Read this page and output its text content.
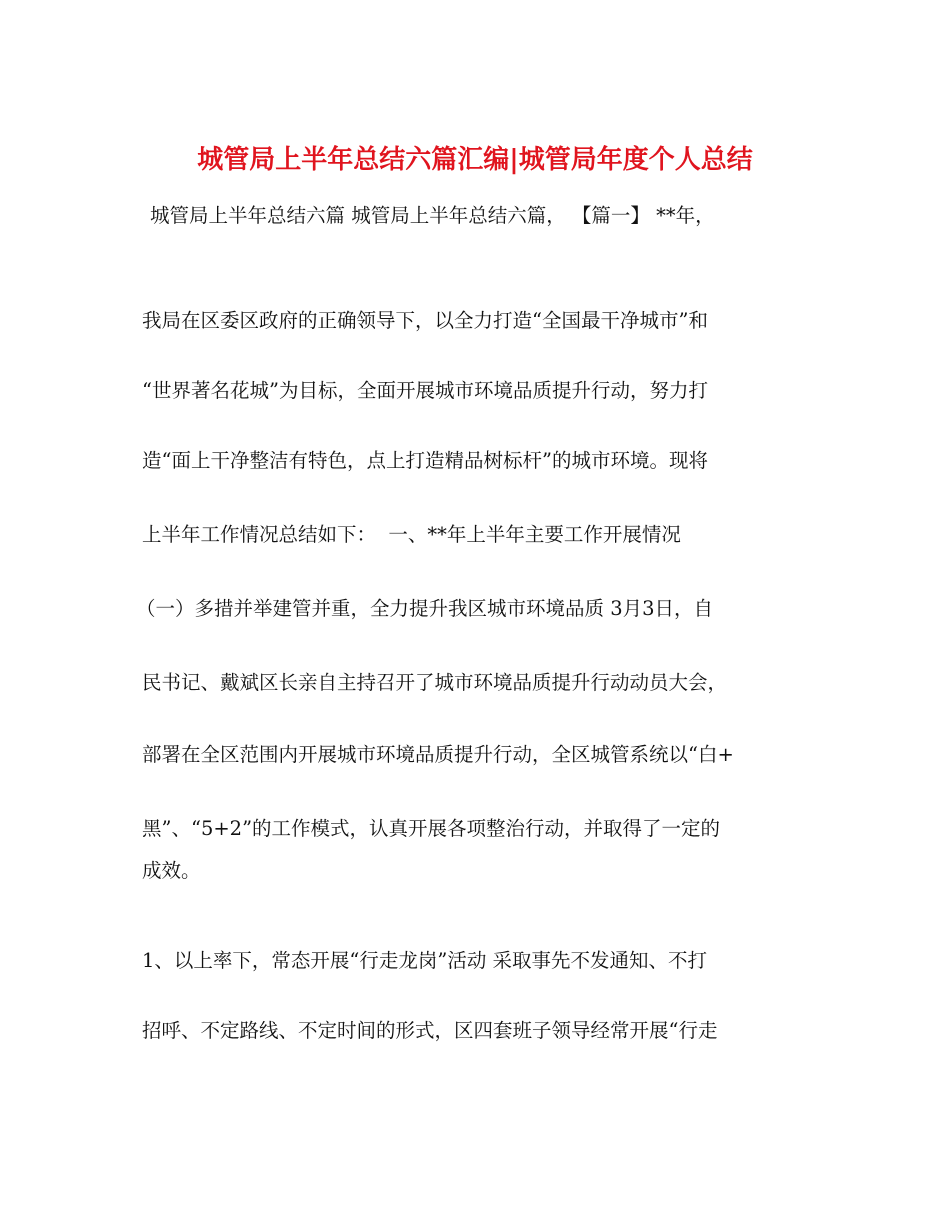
城管局上半年总结六篇汇编|城管局年度个人总结
城管局上半年总结六篇 城管局上半年总结六篇， 【篇一】 **年，
我局在区委区政府的正确领导下，以全力打造“全国最干净城市”和
“世界著名花城”为目标，全面开展城市环境品质提升行动，努力打
造“面上干净整洁有特色，点上打造精品树标杆”的城市环境。现将
上半年工作情况总结如下：  一、**年上半年主要工作开展情况
（一）多措并举建管并重，全力提升我区城市环境品质 3月3日，自
民书记、戴斌区长亲自主持召开了城市环境品质提升行动动员大会，
部署在全区范围内开展城市环境品质提升行动，全区城管系统以“白+
黑”、“5+2”的工作模式，认真开展各项整治行动，并取得了一定的
成效。
1、以上率下，常态开展“行走龙岗”活动 采取事先不发通知、不打
招呼、不定路线、不定时间的形式，区四套班子领导经常开展“行走
